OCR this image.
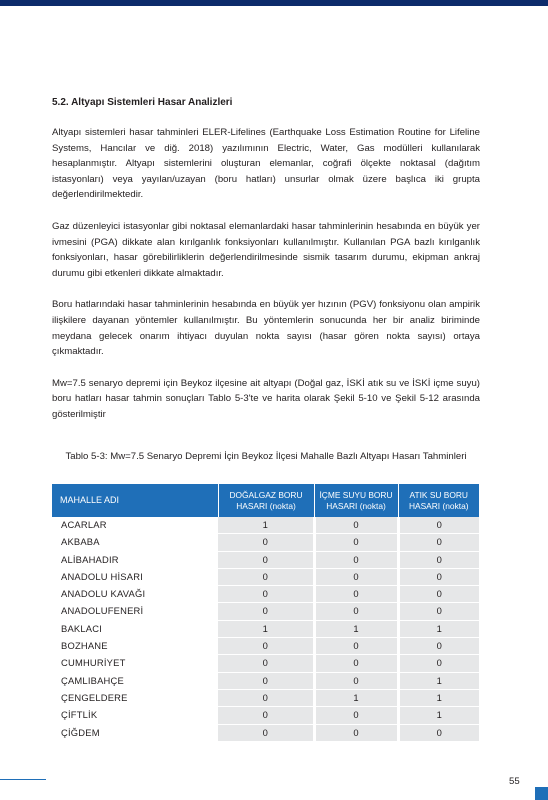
5.2. Altyapı Sistemleri Hasar Analizleri

Altyapı sistemleri hasar tahminleri ELER-Lifelines (Earthquake Loss Estimation Routine for Lifeline Systems, Hancılar ve diğ. 2018) yazılımının Electric, Water, Gas modülleri kullanılarak hesaplanmıştır. Altyapı sistemlerini oluşturan elemanlar, coğrafi ölçekte noktasal (dağıtım istasyonları) veya yayılan/uzayan (boru hatları) unsurlar olmak üzere başlıca iki grupta değerlendirilmektedir.

Gaz düzenleyici istasyonlar gibi noktasal elemanlardaki hasar tahminlerinin hesabında en büyük yer ivmesini (PGA) dikkate alan kırılganlık fonksiyonları kullanılmıştır. Kullanılan PGA bazlı kırılganlık fonksiyonları, hasar görebilirliklerin değerlendirilmesinde sismik tasarım durumu, ekipman ankraj durumu gibi etkenleri dikkate almaktadır.

Boru hatlarındaki hasar tahminlerinin hesabında en büyük yer hızının (PGV) fonksiyonu olan ampirik ilişkilere dayanan yöntemler kullanılmıştır. Bu yöntemlerin sonucunda her bir analiz biriminde meydana gelecek onarım ihtiyacı duyulan nokta sayısı (hasar gören nokta sayısı) ortaya çıkmaktadır.

Mw=7.5 senaryo depremi için Beykoz ilçesine ait altyapı (Doğal gaz, İSKİ atık su ve İSKİ içme suyu) boru hatları hasar tahmin sonuçları Tablo 5-3'te ve harita olarak Şekil 5-10 ve Şekil 5-12 arasında gösterilmiştir

Tablo 5-3: Mw=7.5 Senaryo Depremi İçin Beykoz İlçesi Mahalle Bazlı Altyapı Hasarı Tahminleri
MAHALLE ADI	DOĞALGAZ BORU HASARI (nokta)	İÇME SUYU BORU HASARI (nokta)	ATIK SU BORU HASARI (nokta)
ACARLAR	1	0	0
AKBABA	0	0	0
ALİBAHADIR	0	0	0
ANADOLU HİSARI	0	0	0
ANADOLU KAVAĞI	0	0	0
ANADOLUFENERİ	0	0	0
BAKLACI	1	1	1
BOZHANE	0	0	0
CUMHURİYET	0	0	0
ÇAMLIBAHÇE	0	0	1
ÇENGELDERE	0	1	1
ÇİFTLİK	0	0	1
ÇİĞDEM	0	0	0
55
